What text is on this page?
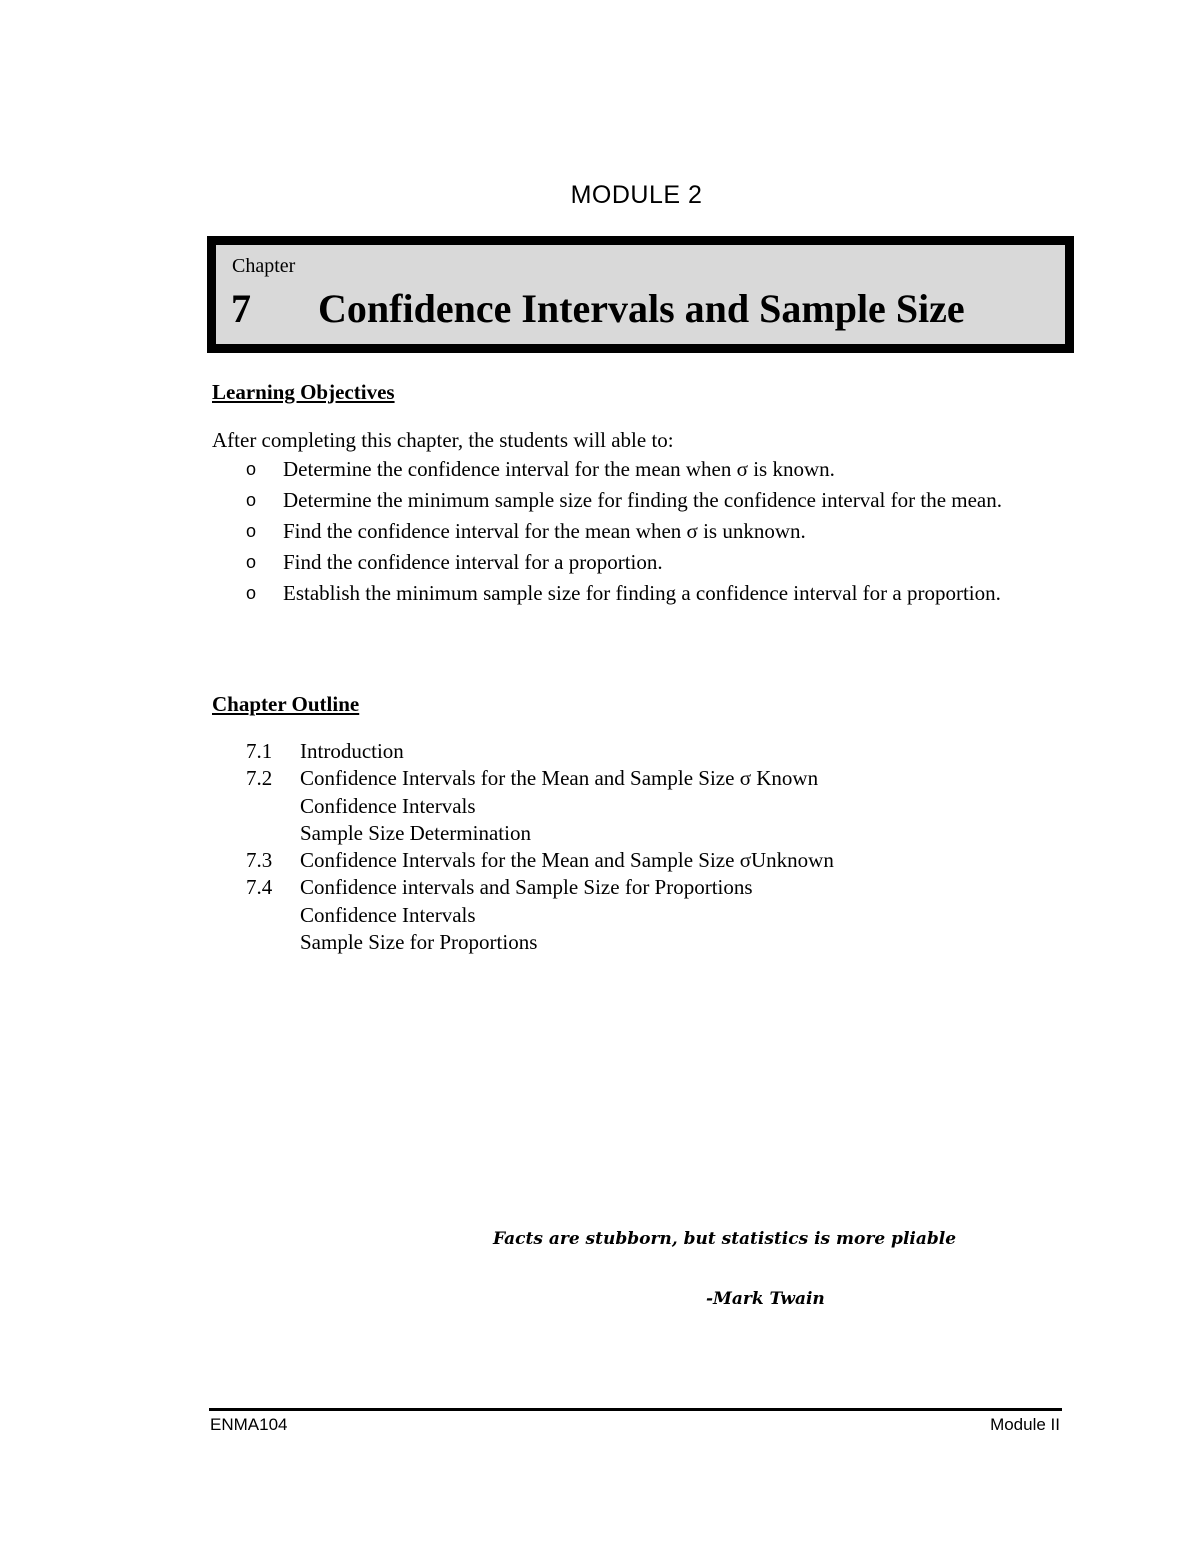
MODULE 2
Chapter
7 Confidence Intervals and Sample Size
Learning Objectives
After completing this chapter, the students will able to:
o Determine the confidence interval for the mean when σ is known.
o Determine the minimum sample size for finding the confidence interval for the mean.
o Find the confidence interval for the mean when σ is unknown.
o Find the confidence interval for a proportion.
o Establish the minimum sample size for finding a confidence interval for a proportion.
Chapter Outline
7.1 Introduction
7.2 Confidence Intervals for the Mean and Sample Size σ Known
Confidence Intervals
Sample Size Determination
7.3 Confidence Intervals for the Mean and Sample Size σUnknown
7.4 Confidence intervals and Sample Size for Proportions
Confidence Intervals
Sample Size for Proportions
Facts are stubborn, but statistics is more pliable
-Mark Twain
ENMA104	Module II
